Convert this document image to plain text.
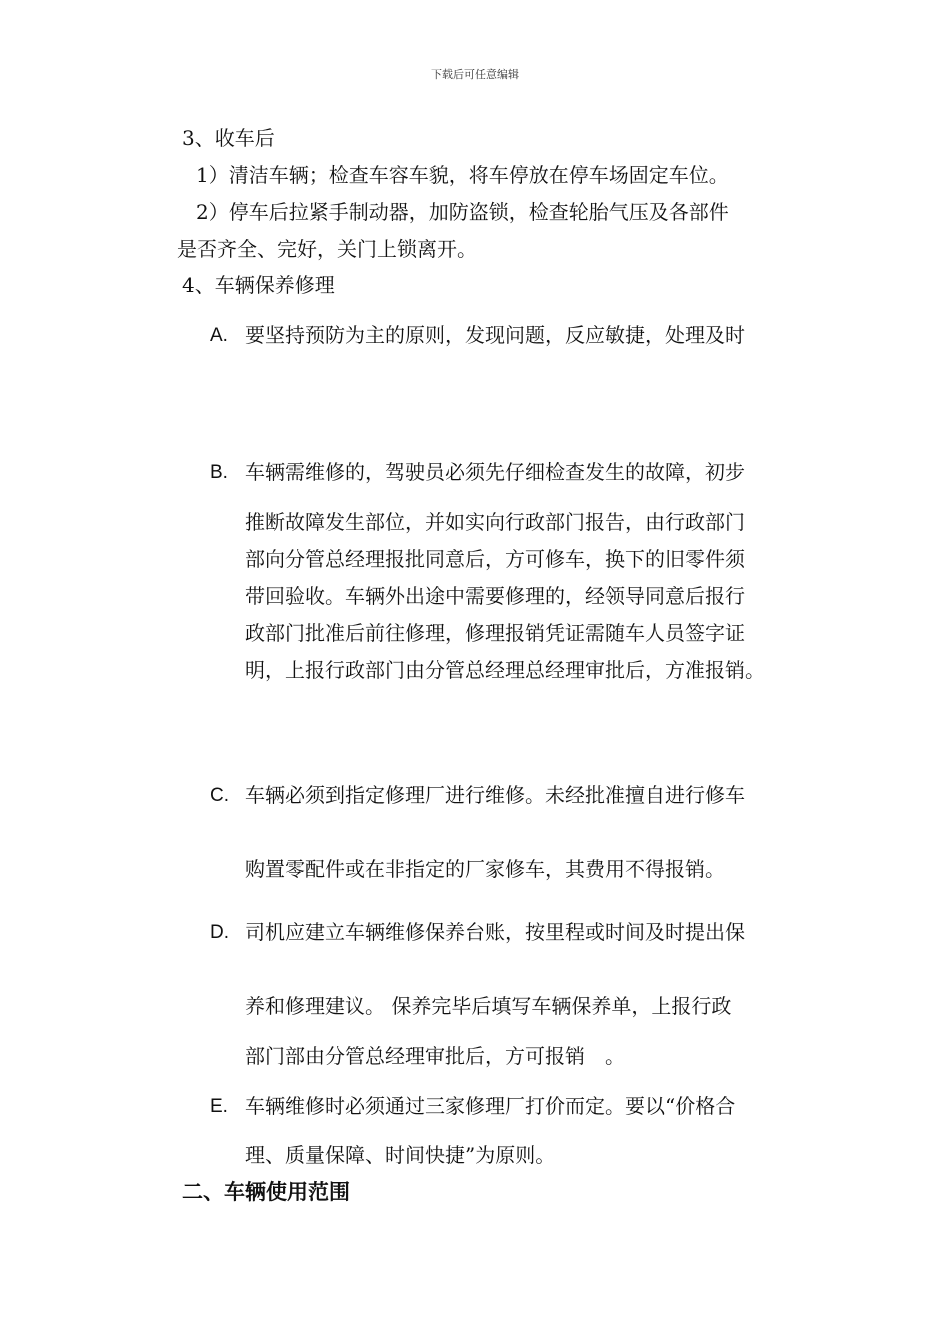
下载后可任意编辑
3、收车后
1）清洁车辆；检查车容车貌，将车停放在停车场固定车位。
2）停车后拉紧手制动器，加防盗锁，检查轮胎气压及各部件
是否齐全、完好，关门上锁离开。
4、车辆保养修理
A. 要坚持预防为主的原则，发现问题，反应敏捷，处理及时
B. 车辆需维修的，驾驶员必须先仔细检查发生的故障，初步
推断故障发生部位，并如实向行政部门报告，由行政部门
部向分管总经理报批同意后，方可修车，换下的旧零件须
带回验收。车辆外出途中需要修理的，经领导同意后报行
政部门批准后前往修理，修理报销凭证需随车人员签字证
明，上报行政部门由分管总经理总经理审批后，方准报销。
C. 车辆必须到指定修理厂进行维修。未经批准擅自进行修车
购置零配件或在非指定的厂家修车，其费用不得报销。
D. 司机应建立车辆维修保养台账，按里程或时间及时提出保
养和修理建议。 保养完毕后填写车辆保养单，上报行政
部门部由分管总经理审批后，方可报销　。
E. 车辆维修时必须通过三家修理厂打价而定。要以“价格合
理、质量保障、时间快捷”为原则。
二、车辆使用范围
